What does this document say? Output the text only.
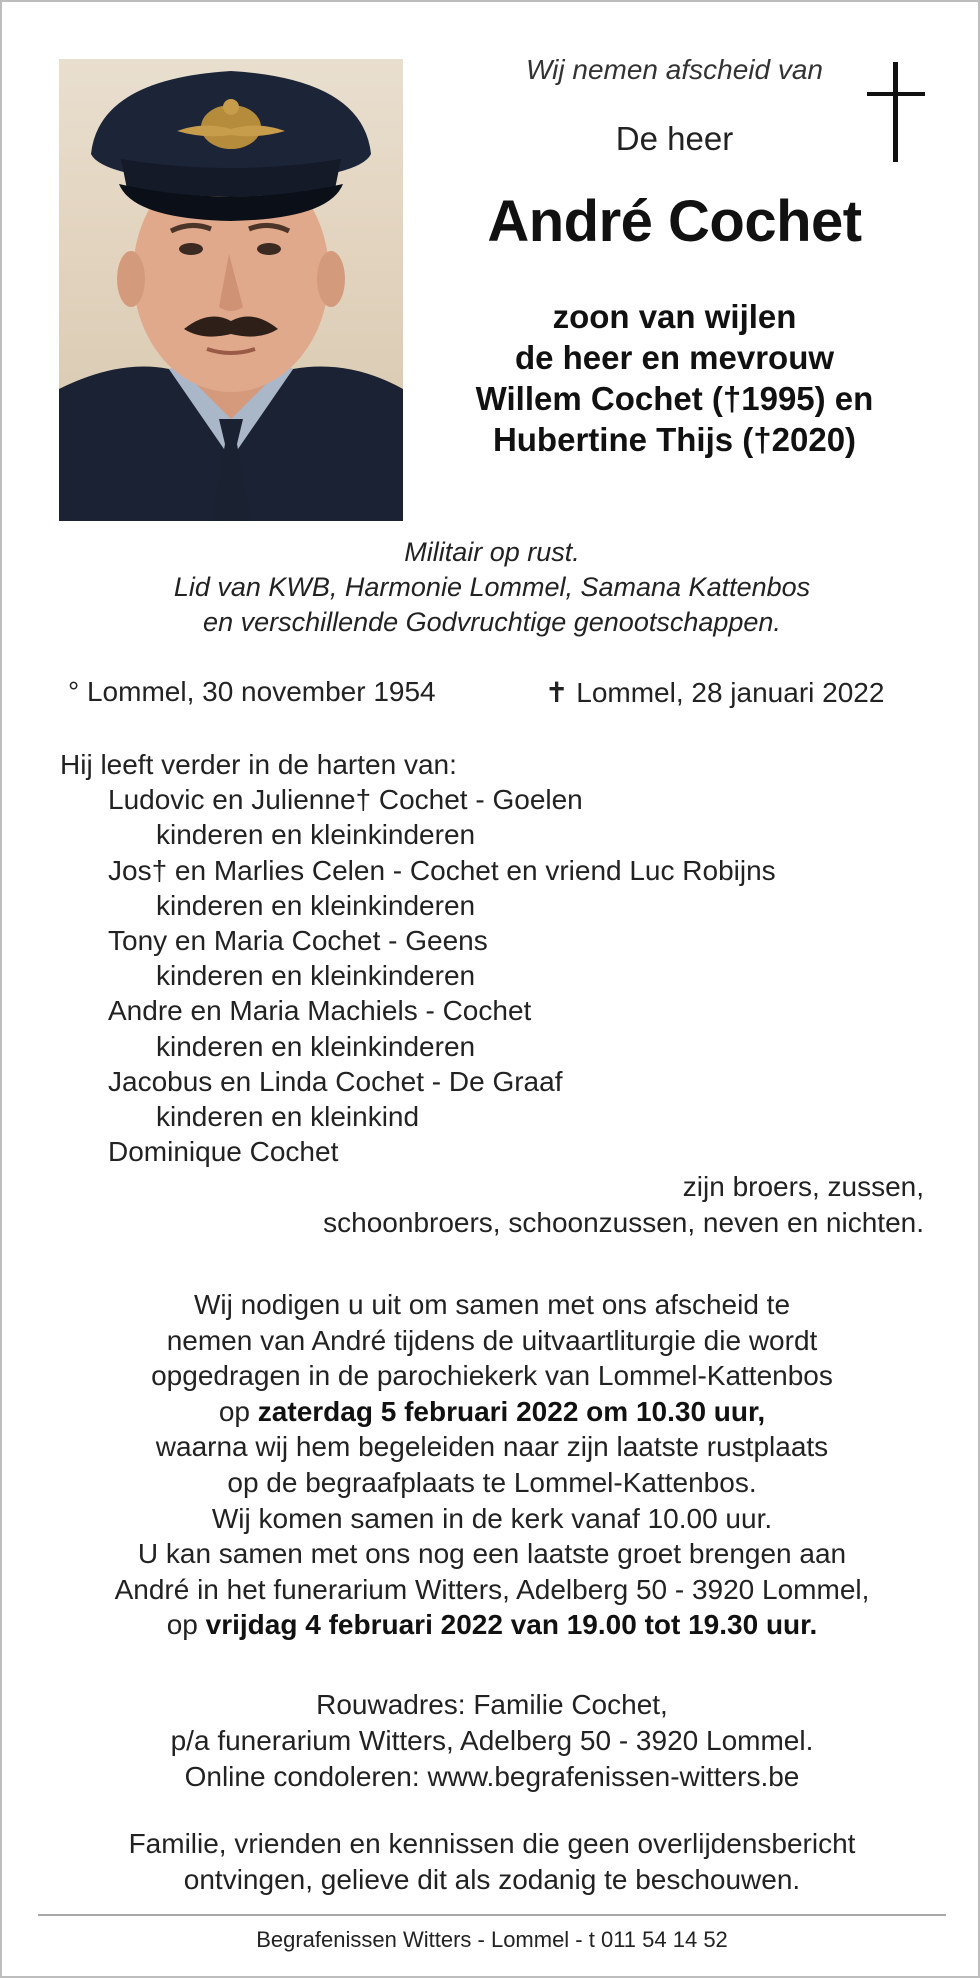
Wij nemen afscheid van
De heer
André Cochet
zoon van wijlen
de heer en mevrouw
Willem Cochet (†1995) en
Hubertine Thijs (†2020)
Militair op rust.
Lid van KWB, Harmonie Lommel, Samana Kattenbos
en verschillende Godvruchtige genootschappen.
° Lommel, 30 november 1954	✝ Lommel, 28 januari 2022
Hij leeft verder in de harten van:
Ludovic en Julienne† Cochet - Goelen
kinderen en kleinkinderen
Jos† en Marlies Celen - Cochet en vriend Luc Robijns
kinderen en kleinkinderen
Tony en Maria Cochet - Geens
kinderen en kleinkinderen
Andre en Maria Machiels - Cochet
kinderen en kleinkinderen
Jacobus en Linda Cochet - De Graaf
kinderen en kleinkind
Dominique Cochet
zijn broers, zussen,
schoonbroers, schoonzussen, neven en nichten.
Wij nodigen u uit om samen met ons afscheid te
nemen van André tijdens de uitvaartliturgie die wordt
opgedragen in de parochiekerk van Lommel-Kattenbos
op zaterdag 5 februari 2022 om 10.30 uur,
waarna wij hem begeleiden naar zijn laatste rustplaats
op de begraafplaats te Lommel-Kattenbos.
Wij komen samen in de kerk vanaf 10.00 uur.
U kan samen met ons nog een laatste groet brengen aan
André in het funerarium Witters, Adelberg 50 - 3920 Lommel,
op vrijdag 4 februari 2022 van 19.00 tot 19.30 uur.
Rouwadres: Familie Cochet,
p/a funerarium Witters, Adelberg 50 - 3920 Lommel.
Online condoleren: www.begrafenissen-witters.be
Familie, vrienden en kennissen die geen overlijdensbericht
ontvingen, gelieve dit als zodanig te beschouwen.
Begrafenissen Witters - Lommel - t 011 54 14 52
